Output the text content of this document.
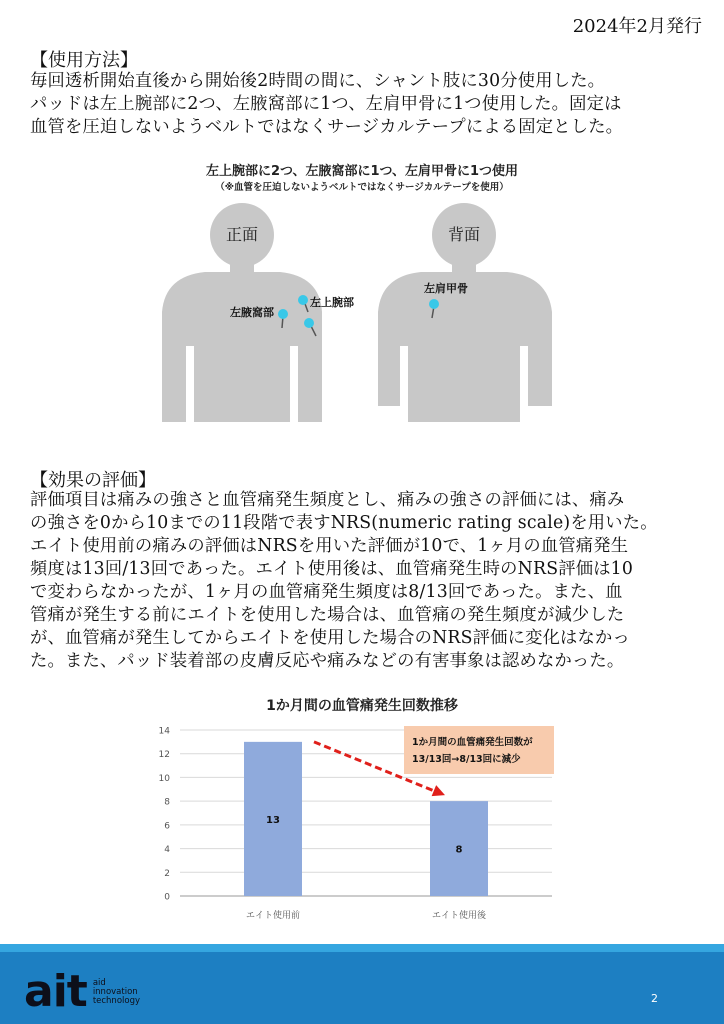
2024年2月発行
【使用方法】
毎回透析開始直後から開始後2時間の間に、シャント肢に30分使用した。
パッドは左上腕部に2つ、左腋窩部に1つ、左肩甲骨に1つ使用した。固定は
血管を圧迫しないようベルトではなくサージカルテープによる固定とした。
左上腕部に2つ、左腋窩部に1つ、左肩甲骨に1つ使用
（※血管を圧迫しないようベルトではなくサージカルテープを使用）
正面
左腋窩部
左上腕部
背面
左肩甲骨
【効果の評価】
評価項目は痛みの強さと血管痛発生頻度とし、痛みの強さの評価には、痛み
の強さを0から10までの11段階で表すNRS(numeric rating scale)を用いた。
エイト使用前の痛みの評価はNRSを用いた評価が10で、1ヶ月の血管痛発生
頻度は13回/13回であった。エイト使用後は、血管痛発生時のNRS評価は10
で変わらなかったが、1ヶ月の血管痛発生頻度は8/13回であった。また、血
管痛が発生する前にエイトを使用した場合は、血管痛の発生頻度が減少した
が、血管痛が発生してからエイトを使用した場合のNRS評価に変化はなかっ
た。また、パッド装着部の皮膚反応や痛みなどの有害事象は認めなかった。
1か月間の血管痛発生回数推移
0
2
4
6
8
10
12
14
13
エイト使用前
8
エイト使用後
1か月間の血管痛発生回数が
13/13回→8/13回に減少
ait aid
innovation
technology	2
